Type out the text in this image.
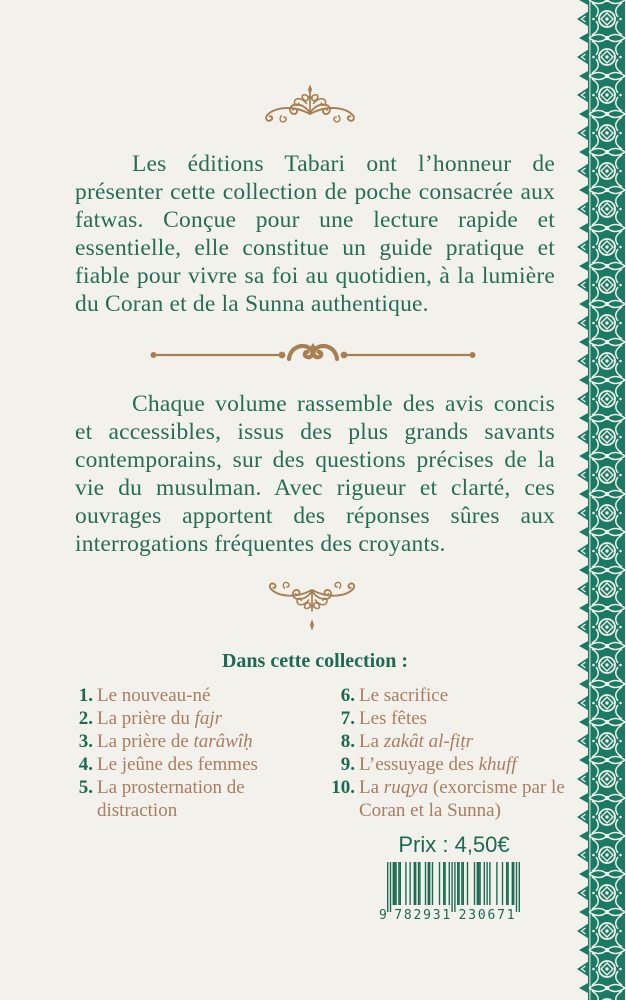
Les éditions Tabari ont l’honneur de présenter cette collection de poche consacrée aux fatwas. Conçue pour une lecture rapide et essentielle, elle constitue un guide pratique et fiable pour vivre sa foi au quotidien, à la lumière du Coran et de la Sunna authentique.

Chaque volume rassemble des avis concis et accessibles, issus des plus grands savants contemporains, sur des questions précises de la vie du musulman. Avec rigueur et clarté, ces ouvrages apportent des réponses sûres aux interrogations fréquentes des croyants.

Dans cette collection :
1. Le nouveau-né
2. La prière du fajr
3. La prière de tarâwîḥ
4. Le jeûne des femmes
5. La prosternation de distraction
6. Le sacrifice
7. Les fêtes
8. La zakât al-fiṭr
9. L’essuyage des khuff
10. La ruqya (exorcisme par le Coran et la Sunna)

Prix : 4,50€

9 782931 230671
